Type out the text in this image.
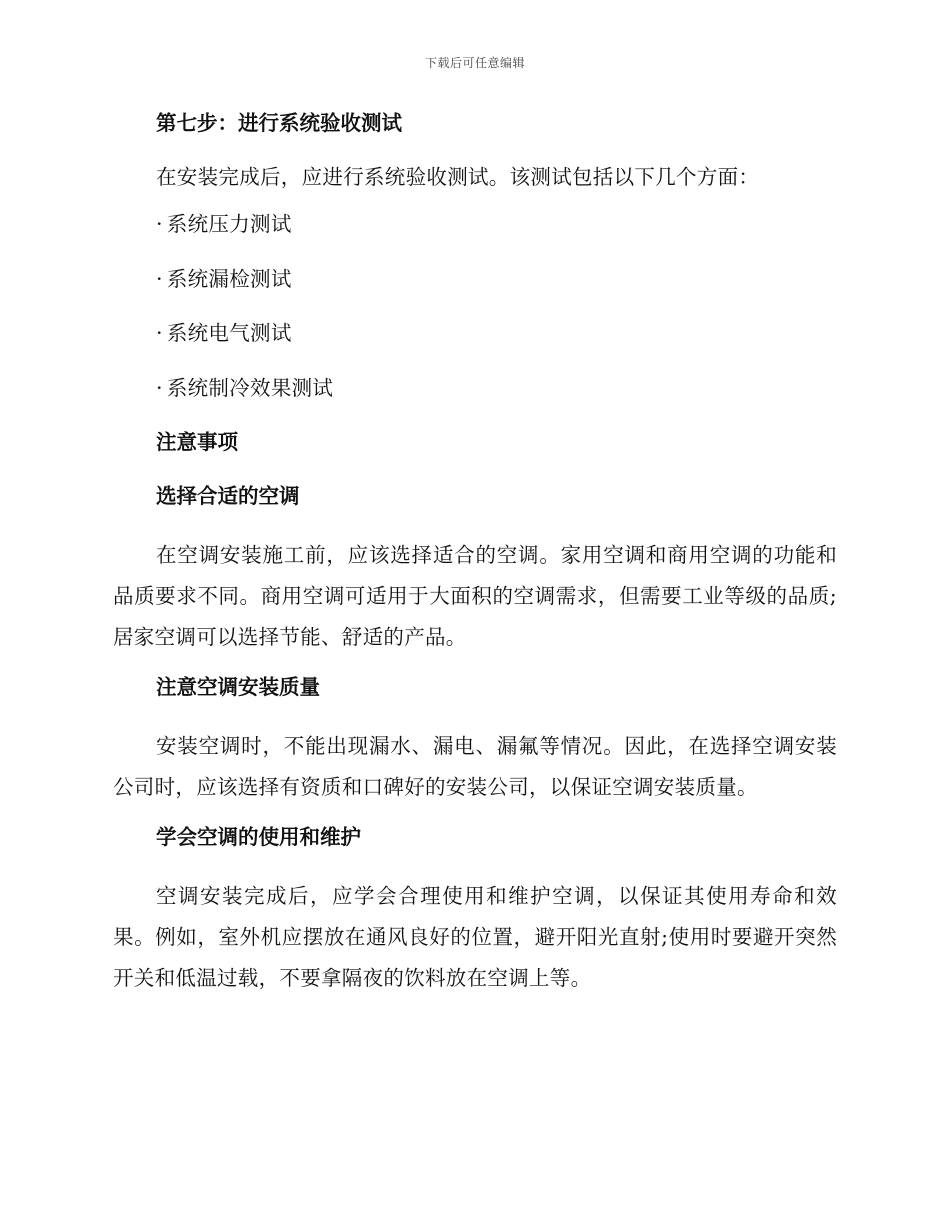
下载后可任意编辑
第七步：进行系统验收测试

在安装完成后，应进行系统验收测试。该测试包括以下几个方面：

· 系统压力测试
· 系统漏检测试
· 系统电气测试
· 系统制冷效果测试
注意事项
选择合适的空调

在空调安装施工前，应该选择适合的空调。家用空调和商用空调的功能和品质要求不同。商用空调可适用于大面积的空调需求，但需要工业等级的品质;居家空调可以选择节能、舒适的产品。

注意空调安装质量

安装空调时，不能出现漏水、漏电、漏氟等情况。因此，在选择空调安装公司时，应该选择有资质和口碑好的安装公司，以保证空调安装质量。

学会空调的使用和维护

空调安装完成后，应学会合理使用和维护空调，以保证其使用寿命和效果。例如，室外机应摆放在通风良好的位置，避开阳光直射;使用时要避开突然开关和低温过载，不要拿隔夜的饮料放在空调上等。
